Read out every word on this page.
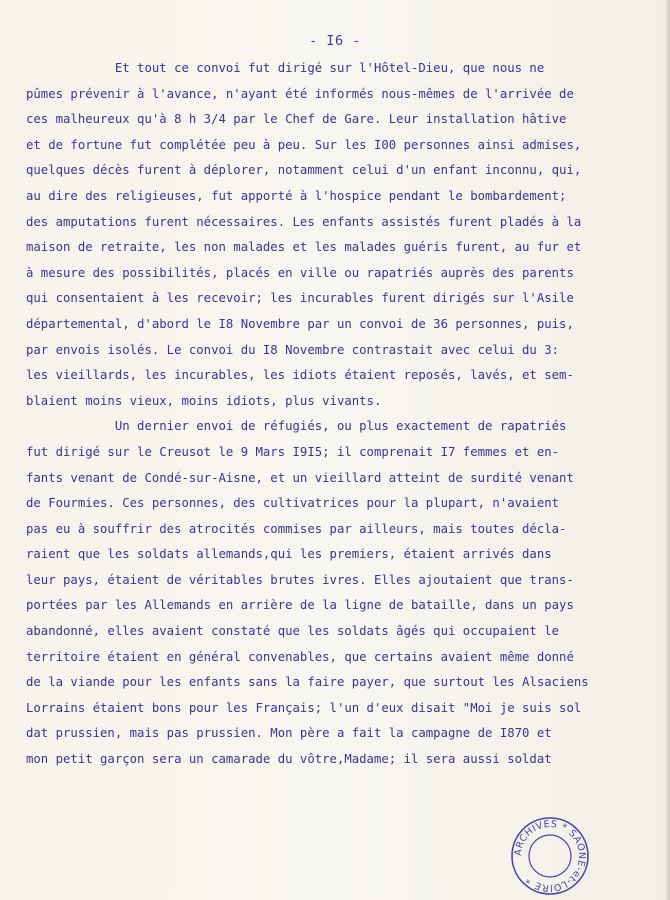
- I6 -
Et tout ce convoi fut dirigé sur l'Hôtel-Dieu, que nous ne
pûmes prévenir à l'avance, n'ayant été informés nous-mêmes de l'arrivée de
ces malheureux qu'à 8 h 3/4 par le Chef de Gare. Leur installation hâtive
et de fortune fut complétée peu à peu. Sur les I00 personnes ainsi admises,
quelques décès furent à déplorer, notamment celui d'un enfant inconnu, qui,
au dire des religieuses, fut apporté à l'hospice pendant le bombardement;
des amputations furent nécessaires. Les enfants assistés furent pladés à la
maison de retraite, les non malades et les malades guéris furent, au fur et
à mesure des possibilités, placés en ville ou rapatriés auprès des parents
qui consentaient à les recevoir; les incurables furent dirigés sur l'Asile
départemental, d'abord le I8 Novembre par un convoi de 36 personnes, puis,
par envois isolés. Le convoi du I8 Novembre contrastait avec celui du 3:
les vieillards, les incurables, les idiots étaient reposés, lavés, et sem-
blaient moins vieux, moins idiots, plus vivants.
Un dernier envoi de réfugiés, ou plus exactement de rapatriés
fut dirigé sur le Creusot le 9 Mars I9I5; il comprenait I7 femmes et en-
fants venant de Condé-sur-Aisne, et un vieillard atteint de surdité venant
de Fourmies. Ces personnes, des cultivatrices pour la plupart, n'avaient
pas eu à souffrir des atrocités commises par ailleurs, mais toutes décla-
raient que les soldats allemands,qui les premiers, étaient arrivés dans
leur pays, étaient de véritables brutes ivres. Elles ajoutaient que trans-
portées par les Allemands en arrière de la ligne de bataille, dans un pays
abandonné, elles avaient constaté que les soldats âgés qui occupaient le
territoire étaient en général convenables, que certains avaient même donné
de la viande pour les enfants sans la faire payer, que surtout les Alsaciens
Lorrains étaient bons pour les Français; l'un d'eux disait "Moi je suis sol
dat prussien, mais pas prussien. Mon père a fait la campagne de I870 et
mon petit garçon sera un camarade du vôtre,Madame; il sera aussi soldat
ARCHIVES * SAONE-et-LOIRE *
